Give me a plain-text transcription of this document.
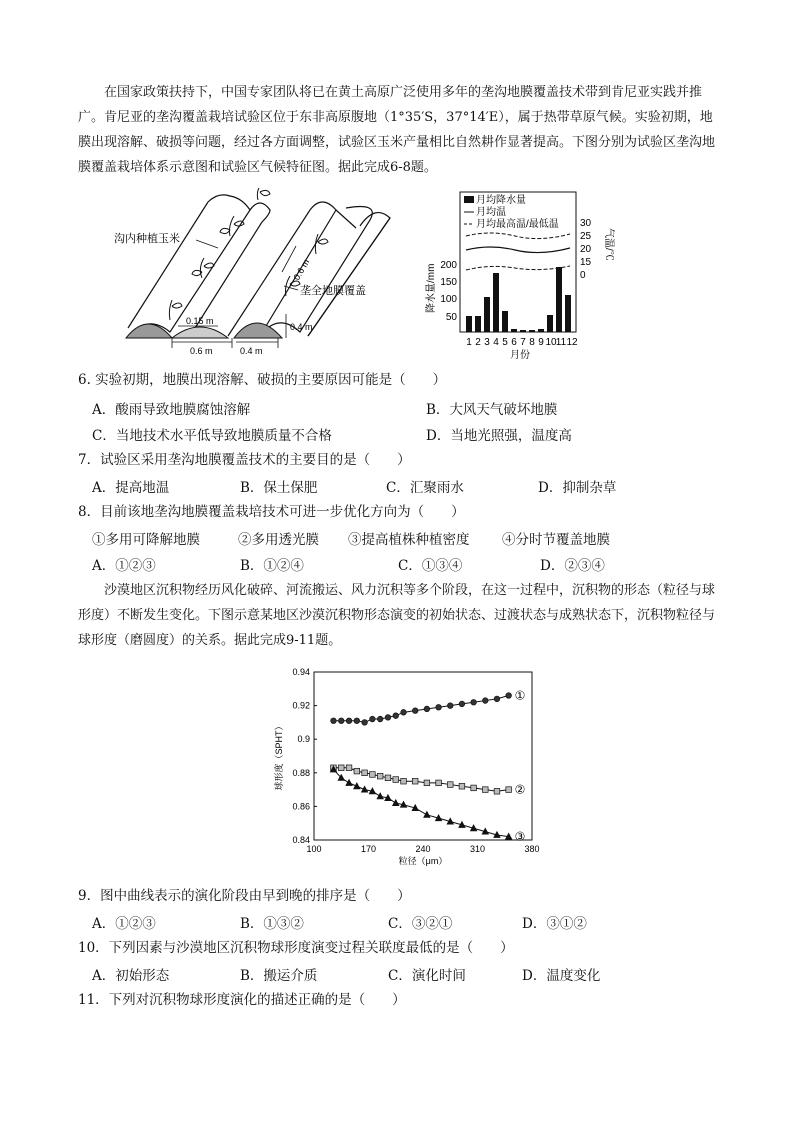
在国家政策扶持下，中国专家团队将已在黄土高原广泛使用多年的垄沟地膜覆盖技术带到肯尼亚实践并推广。肯尼亚的垄沟覆盖栽培试验区位于东非高原腹地（1°35′S，37°14′E），属于热带草原气候。实验初期，地膜出现溶解、破损等问题，经过各方面调整，试验区玉米产量相比自然耕作显著提高。下图分别为试验区垄沟地膜覆盖栽培体系示意图和试验区气候特征图。据此完成6-8题。
沟内种植玉米
垄全地膜覆盖
0.6 m
0.15 m
0.4 m
0.6 m	0.4 m
月均降水量
月均温
月均最高温/最低温
200
150
100
50
降水量/mm
30
25
20
15
0
气温/℃
1 2 3 4 5 6 7 8 9 10 11 12
月份
6. 实验初期，地膜出现溶解、破损的主要原因可能是（　　）
A．酸雨导致地膜腐蚀溶解	B．大风天气破坏地膜
C．当地技术水平低导致地膜质量不合格	D．当地光照强，温度高
7．试验区采用垄沟地膜覆盖技术的主要目的是（　　）
A．提高地温	B．保土保肥	C．汇聚雨水	D．抑制杂草
8．目前该地垄沟地膜覆盖栽培技术可进一步优化方向为（　　）
①多用可降解地膜	②多用透光膜 ③提高植株种植密度 ④分时节覆盖地膜
A．①②③	B．①②④	C．①③④	D．②③④
沙漠地区沉积物经历风化破碎、河流搬运、风力沉积等多个阶段，在这一过程中，沉积物的形态（粒径与球形度）不断发生变化。下图示意某地区沙漠沉积物形态演变的初始状态、过渡状态与成熟状态下，沉积物粒径与球形度（磨圆度）的关系。据此完成9-11题。
0.84
0.86
0.88
0.9
0.92
0.94
100	170	240	310	380
①
②
③
粒径（μm）
球形度（SPHT）
9．图中曲线表示的演化阶段由早到晚的排序是（　　）
A．①②③	B．①③②	C．③②①	D．③①②
10．下列因素与沙漠地区沉积物球形度演变过程关联度最低的是（　　）
A．初始形态	B．搬运介质	C．演化时间	D．温度变化
11．下列对沉积物球形度演化的描述正确的是（　　）
